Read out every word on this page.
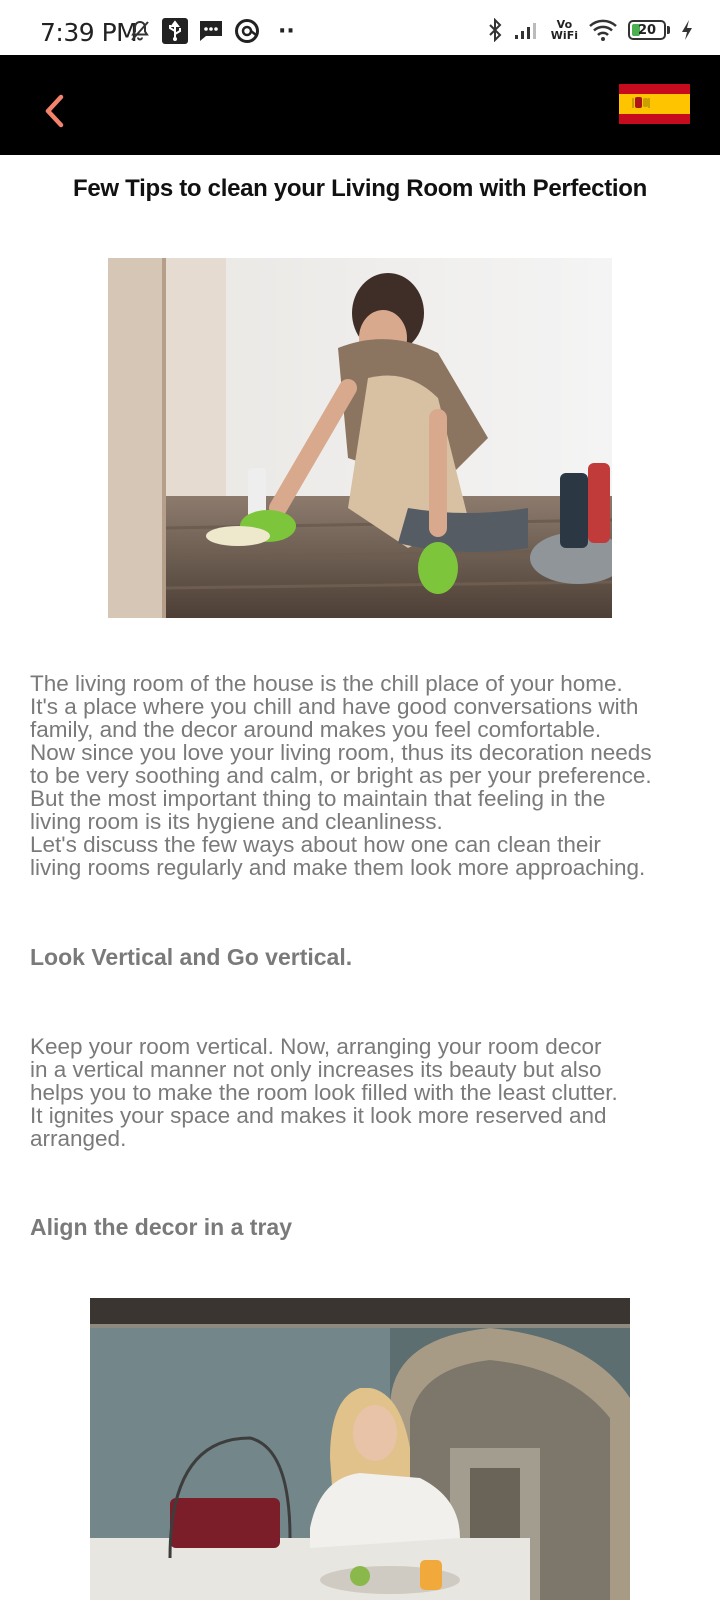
7:39 PM	··	Vo
WiFi	20
Few Tips to clean your Living Room with Perfection

The living room of the house is the chill place of your home.
It's a place where you chill and have good conversations with
family, and the decor around makes you feel comfortable.
Now since you love your living room, thus its decoration needs
to be very soothing and calm, or bright as per your preference.
But the most important thing to maintain that feeling in the
living room is its hygiene and cleanliness.
Let's discuss the few ways about how one can clean their
living rooms regularly and make them look more approaching.

Look Vertical and Go vertical.

Keep your room vertical. Now, arranging your room decor
in a vertical manner not only increases its beauty but also
helps you to make the room look filled with the least clutter.
It ignites your space and makes it look more reserved and
arranged.

Align the decor in a tray
